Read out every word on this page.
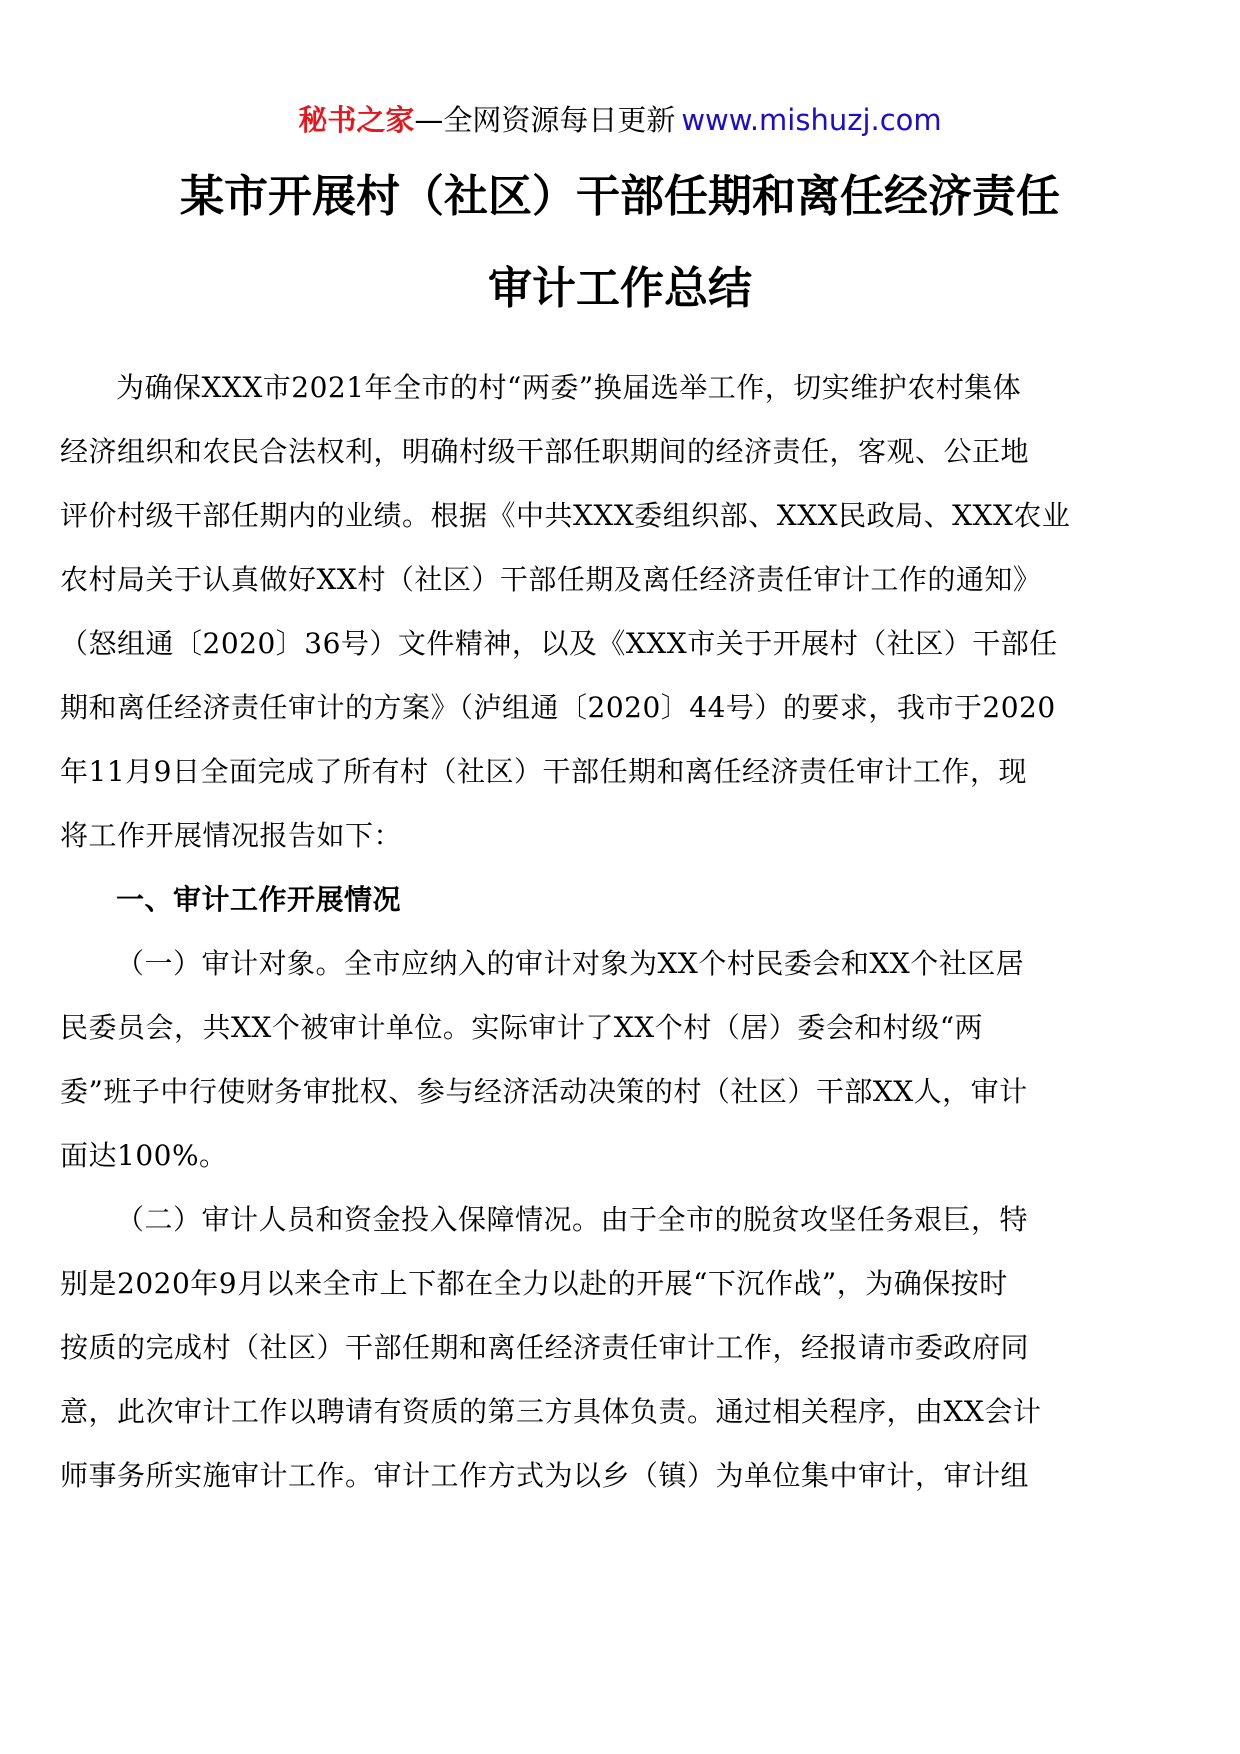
秘书之家—全网资源每日更新 www.mishuzj.com
某市开展村（社区）干部任期和离任经济责任
审计工作总结
为确保XXX市2021年全市的村“两委”换届选举工作，切实维护农村集体
经济组织和农民合法权利，明确村级干部任职期间的经济责任，客观、公正地
评价村级干部任期内的业绩。根据《中共XXX委组织部、XXX民政局、XXX农业
农村局关于认真做好XX村（社区）干部任期及离任经济责任审计工作的通知》
（怒组通〔2020〕36号）文件精神，以及《XXX市关于开展村（社区）干部任
期和离任经济责任审计的方案》（泸组通〔2020〕44号）的要求，我市于2020
年11月9日全面完成了所有村（社区）干部任期和离任经济责任审计工作，现
将工作开展情况报告如下：
一、审计工作开展情况
（一）审计对象。全市应纳入的审计对象为XX个村民委会和XX个社区居
民委员会，共XX个被审计单位。实际审计了XX个村（居）委会和村级“两
委”班子中行使财务审批权、参与经济活动决策的村（社区）干部XX人，审计
面达100%。
（二）审计人员和资金投入保障情况。由于全市的脱贫攻坚任务艰巨，特
别是2020年9月以来全市上下都在全力以赴的开展“下沉作战”，为确保按时
按质的完成村（社区）干部任期和离任经济责任审计工作，经报请市委政府同
意，此次审计工作以聘请有资质的第三方具体负责。通过相关程序，由XX会计
师事务所实施审计工作。审计工作方式为以乡（镇）为单位集中审计，审计组
